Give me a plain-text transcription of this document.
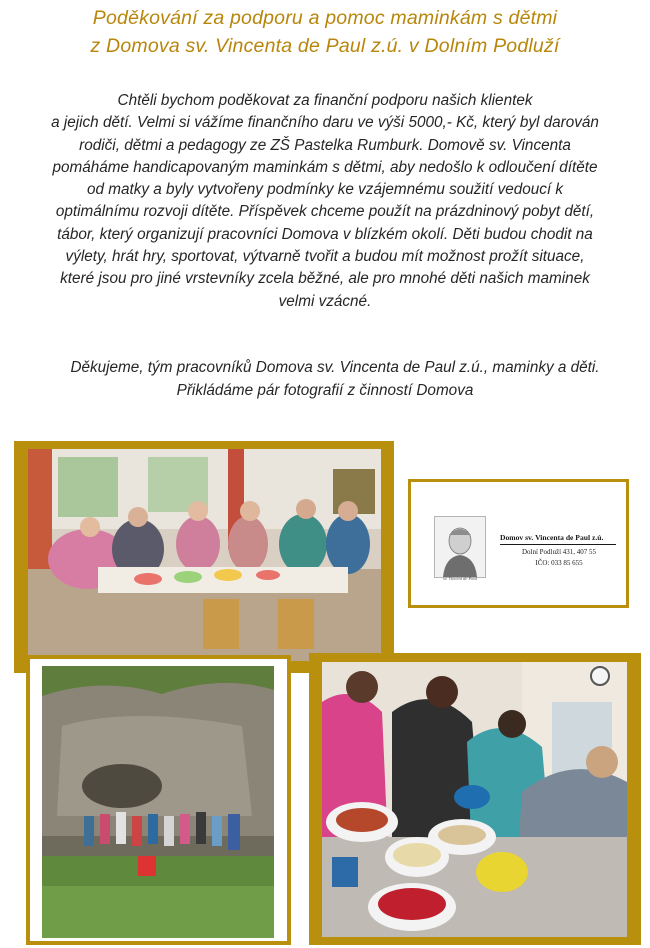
Poděkování za podporu a pomoc maminkám s dětmi
z Domova sv. Vincenta de Paul z.ú. v Dolním Podluží
Chtěli bychom poděkovat za finanční podporu našich klientek
a jejich dětí. Velmi si vážíme finančního daru ve výši 5000,- Kč, který byl darován
rodiči, dětmi a pedagogy ze ZŠ Pastelka Rumburk. Domově sv. Vincenta
pomáháme handicapovaným maminkám s dětmi, aby nedošlo k odloučení dítěte
od matky a byly vytvořeny podmínky ke vzájemnému soužití vedoucí k
optimálnímu rozvoji dítěte. Příspěvek chceme použít na prázdninový pobyt dětí,
tábor, který organizují pracovníci Domova v blízkém okolí. Děti budou chodit na
výlety, hrát hry, sportovat, výtvarně tvořit a budou mít možnost prožít situace,
které jsou pro jiné vrstevníky zcela běžné, ale pro mnohé děti našich maminek
velmi vzácné.
Děkujeme, tým pracovníků Domova sv. Vincenta de Paul z.ú., maminky a děti.
Přikládáme pár fotografií z činností Domova
sv. Vincent de Paul
Domov sv. Vincenta de Paul z.ú.
Dolní Podluží 431, 407 55
IČO: 033 85 655
